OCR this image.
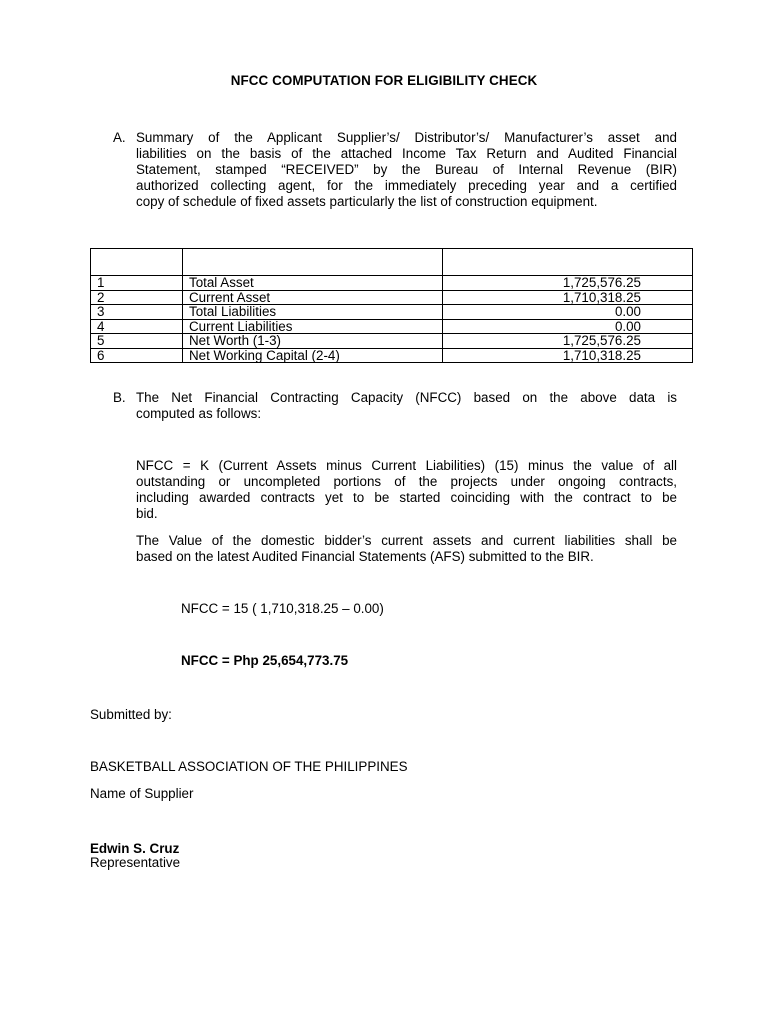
NFCC COMPUTATION FOR ELIGIBILITY CHECK
A. Summary of the Applicant Supplier’s/ Distributor’s/ Manufacturer’s asset and
liabilities on the basis of the attached Income Tax Return and Audited Financial
Statement, stamped “RECEIVED” by the Bureau of Internal Revenue (BIR)
authorized collecting agent, for the immediately preceding year and a certified
copy of schedule of fixed assets particularly the list of construction equipment.

1	Total Asset	1,725,576.25
2	Current Asset	1,710,318.25
3	Total Liabilities	0.00
4	Current Liabilities	0.00
5	Net Worth (1-3)	1,725,576.25
6	Net Working Capital (2-4)	1,710,318.25
B. The Net Financial Contracting Capacity (NFCC) based on the above data is
computed as follows:
NFCC = K (Current Assets minus Current Liabilities) (15) minus the value of all
outstanding or uncompleted portions of the projects under ongoing contracts,
including awarded contracts yet to be started coinciding with the contract to be
bid.
The Value of the domestic bidder’s current assets and current liabilities shall be
based on the latest Audited Financial Statements (AFS) submitted to the BIR.
NFCC = 15 ( 1,710,318.25 – 0.00)
NFCC = Php 25,654,773.75
Submitted by:
BASKETBALL ASSOCIATION OF THE PHILIPPINES
Name of Supplier
Edwin S. Cruz
Representative
